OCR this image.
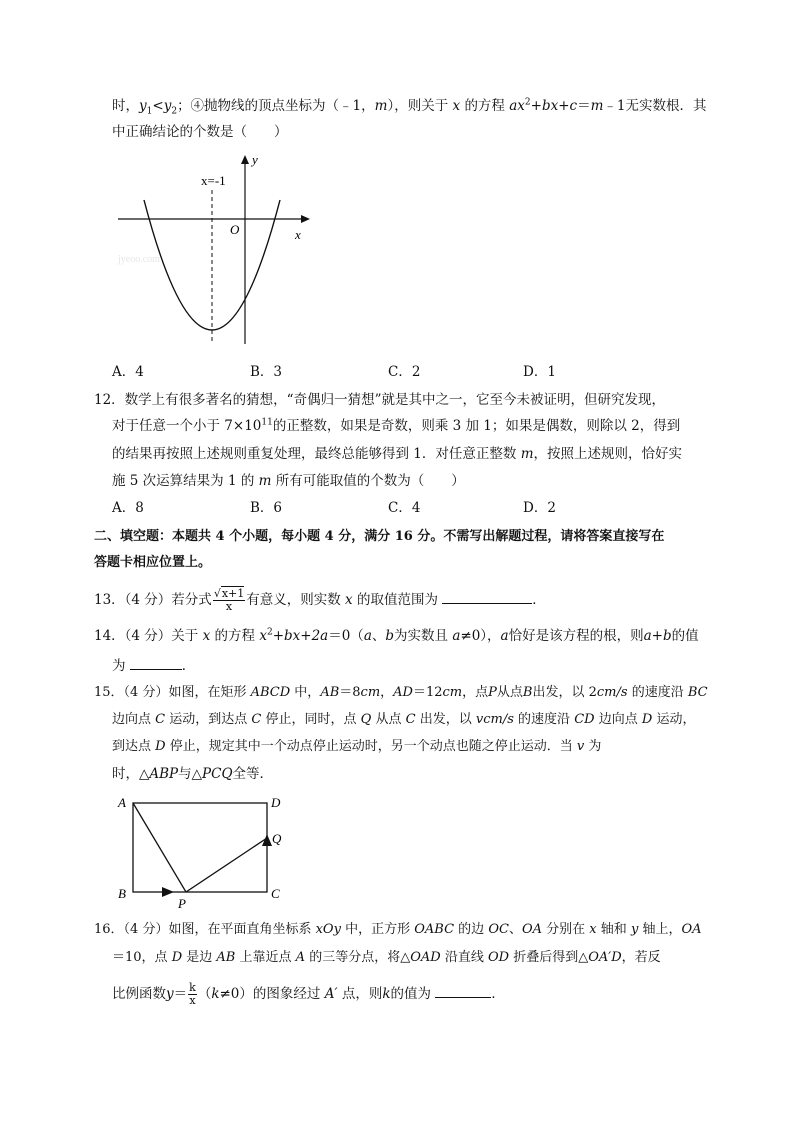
时，$y_1<y_2$；④抛物线的顶点坐标为（﹣1，m），则关于 x 的方程 $ax^2+bx+c=m﹣1$无实数根．其
中正确结论的个数是（　　）
jyeoo.com
y
x
O
x=-1
A．4	B．3	C．2	D．1
12．数学上有很多著名的猜想，“奇偶归一猜想”就是其中之一，它至今未被证明，但研究发现，
对于任意一个小于 $7\times 10^{11}$的正整数，如果是奇数，则乘 3 加 1；如果是偶数，则除以 2，得到
的结果再按照上述规则重复处理，最终总能够得到 1．对任意正整数 m，按照上述规则，恰好实
施 5 次运算结果为 1 的 m 所有可能取值的个数为（　　）
A．8	B．6	C．4	D．2
二、填空题：本题共 4 个小题，每小题 4 分，满分 16 分。不需写出解题过程，请将答案直接写在
答题卡相应位置上。
13．（4 分）若分式 $\frac{√x+1}{x}$ 有意义，则实数 x 的取值范围为	．
14．（4 分）关于 x 的方程 $x^2+bx+2a=0(a$、b为实数且 a≠0），a恰好是该方程的根，则a+b的值
为	．
15．（4 分）如图，在矩形 ABCD 中，AB＝8cm，AD＝12cm，点P从点B出发，以 2cm/s 的速度沿 BC
边向点 C 运动，到达点 C 停止，同时，点 Q 从点 C 出发，以 vcm/s 的速度沿 CD 边向点 D 运动，
到达点 D 停止，规定其中一个动点停止运动时，另一个动点也随之停止运动．当 v 为
时，△ABP与△PCQ全等．
A	D
B	C
P
Q
16．（4 分）如图，在平面直角坐标系 xOy 中，正方形 OABC 的边 OC、OA 分别在 x 轴和 y 轴上，OA
＝10，点 D 是边 AB 上靠近点 A 的三等分点，将△OAD 沿直线 OD 折叠后得到△OA′D，若反
比例函数$y= \frac{k}{x} (k\ne 0)$的图象经过 A′ 点，则k的值为	．
